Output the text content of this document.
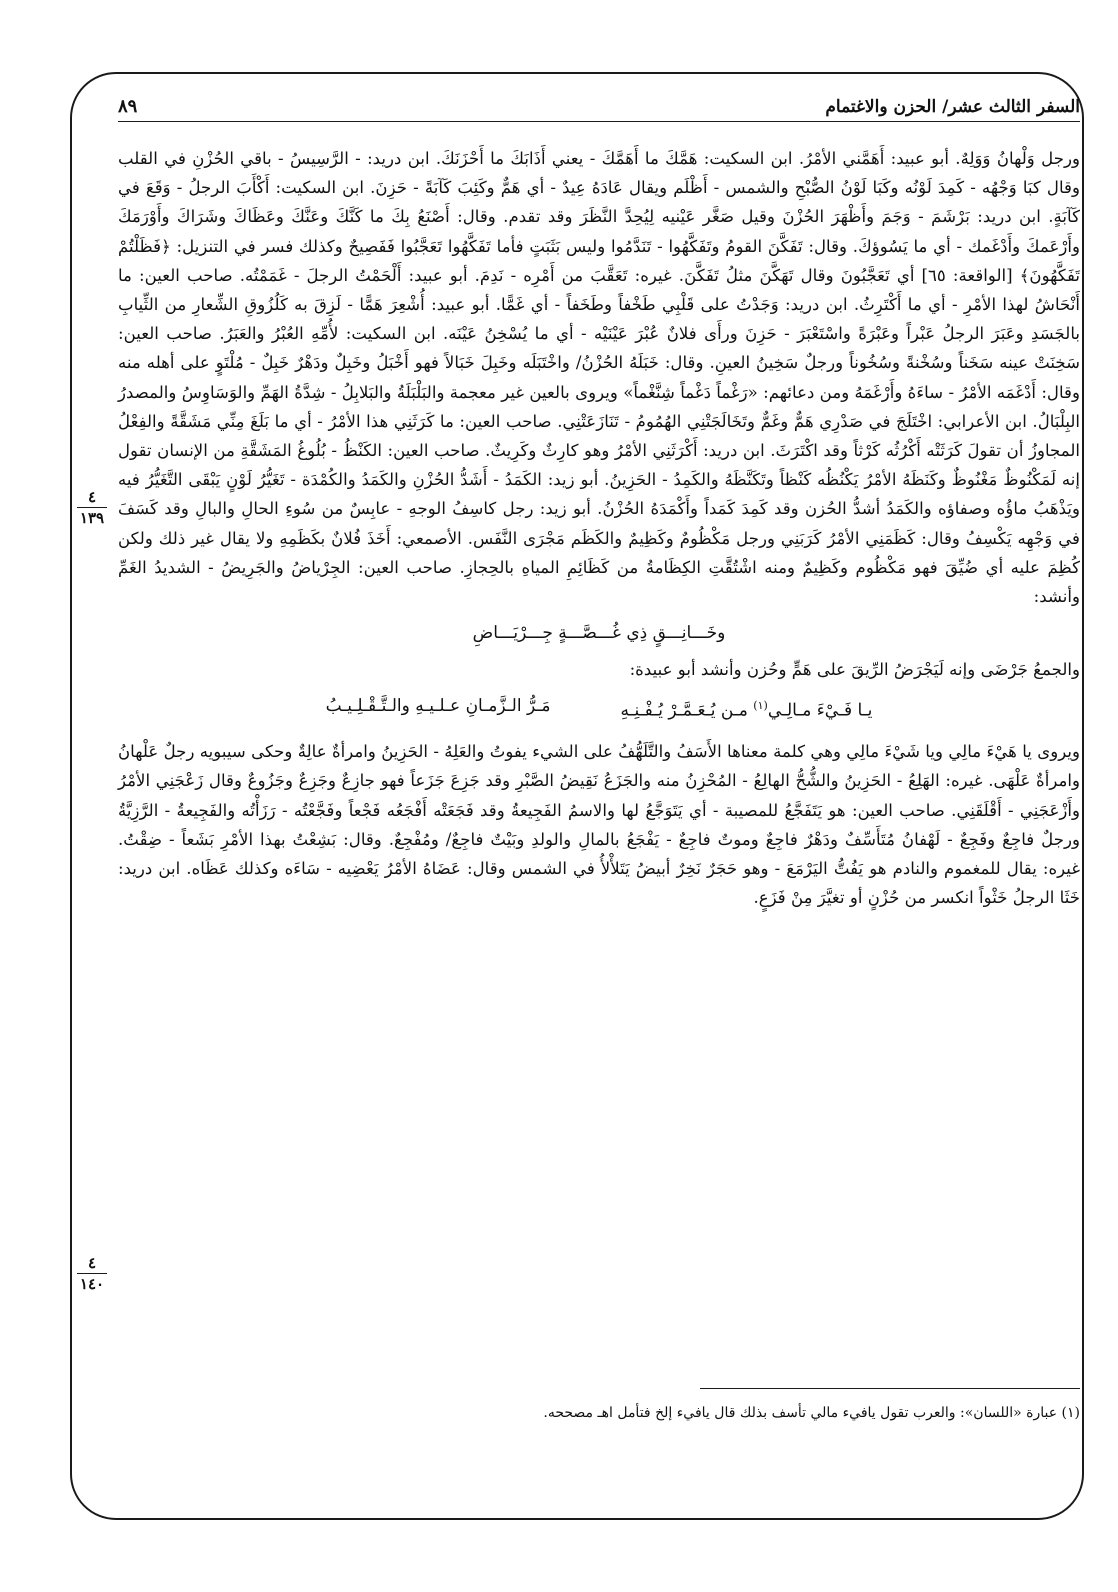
السفر الثالث عشر/ الحزن والاغتمام
٨٩
٤
١٣٩
٤
١٤٠

ورجل وَلْهانُ وَوَلِهٌ. أبو عبيد: أَهَمَّني الأمْرُ. ابن السكيت: هَمَّكَ ما أَهَمَّكَ - يعني أَذَابَكَ ما أَحْزَنَكَ. ابن دريد: - الرَّسِيسُ - باقي الحُزْنِ في القلب وقال كبَا وَجْهُه - كَمِدَ لَوْنُه وكَبَا لَوْنُ الصُّبْحِ والشمس - أَظْلَم ويقال عَادَهُ عِيدٌ - أي هَمٌّ وكَئِبَ كَآبَةً - حَزِنَ. ابن السكيت: أَكْأَبَ الرجلُ - وَقَعَ في كَآبَةٍ. ابن دريد: بَرْشَمَ - وَجَمَ وأَظْهَرَ الحُزْنَ وقيل صَغَّر عَيْنيه لِيُحِدَّ النَّظَرَ وقد تقدم. وقال: أَصْنَعُ بِكَ ما كَنَّكَ وعَنَّكَ وعَظَاكَ وشَرَاكَ وأَوْرَمَكَ وأَرْعَمكَ وأَدْغَمك - أي ما يَسُوؤكَ. وقال: تَفَكَّنَ القومُ وتَفَكَّهُوا - تَنَدَّمُوا وليس بَثَبَتٍ فأما تَفَكَّهُوا تَعَجَّبُوا فَفَصِيحٌ وكذلك فسر في التنزيل: ﴿فَظَلْتُمْ تَفَكَّهُونَ﴾ [الواقعة: ٦٥] أي تَعَجَّبُونَ وقال تَهَكَّنَ مثلُ تَفَكَّنَ. غيره: تَعَقَّبَ من أَمْرِه - نَدِمَ. أبو عبيد: أَلْحَمْتُ الرجلَ - غَمَمْتُه. صاحب العين: ما أَنْحَاشُ لهذا الأمْرِ - أي ما أَكْتَرِثُ. ابن دريد: وَجَدْتُ على قَلْبِي طَخْفاً وطَخَفاً - أي غَمًّا. أبو عبيد: أُشْعِرَ هَمًّا - لَزِقَ به كَلُزُوقِ الشِّعارِ من الثِّيابِ بالجَسَدِ وعَبَرَ الرجلُ عَبْراً وعَبْرَةً واسْتَعْبَرَ - حَزِنَ ورأَى فلانٌ عُبْرَ عَيْنَيْه - أي ما يُسْخِنُ عَيْنَه. ابن السكيت: لأُمِّهِ العُبْرُ والعَبَرُ. صاحب العين: سَخِنَتْ عينه سَخَناً وسُخْنةً وسُخُوناً ورجلٌ سَخِينُ العينِ. وقال: خَبَلَهُ الحُزْنُ/ واخْتَبَلَه وخَبِلَ خَبَالاً فهو أَخْبَلُ وخَبِلٌ ودَهْرٌ خَبِلٌ - مُلْتَوٍ على أهله منه وقال: أَدْغَمَه الأمْرُ - ساءَهُ وأَرْغَمَهُ ومن دعائهم: «رَغْماً دَغْماً شِنَّغْماً» ويروى بالعين غير معجمة والبَلْبَلَةُ والبَلابِلُ - شِدَّةُ الهَمِّ والوَسَاوِسُ والمصدرُ البِلْبَالُ. ابن الأعرابي: اخْتَلَجَ في صَدْرِي هَمٌّ وغَمٌّ وتَخَالَجَتْنِي الهُمُومُ - تَنَازَعَتْنِي. صاحب العين: ما كَرَثَنِي هذا الأمْرُ - أي ما بَلَغَ مِنِّي مَشَقَّةً والفِعْلُ المجاوزُ أن تقولَ كَرَثَتْه أَكْرُثُه كَرْثاً وقد اكْتَرَثَ. ابن دريد: أَكْرَثَنِي الأمْرُ وهو كارِثٌ وكَرِيثٌ. صاحب العين: الكَنْظُ - بُلُوغُ المَشَقَّةِ من الإنسان تقول إنه لَمَكْنُوظٌ مَغْنُوظٌ وكَنَظَهُ الأمْرُ يَكْنُظُه كَنْظاً وتَكَنَّظَهُ والكَمِدُ - الحَزِينُ. أبو زيد: الكَمَدُ - أَشَدُّ الحُزْنِ والكَمَدُ والكُمْدَة - تَغَيُّرُ لَوْنٍ يَبْقَى التَّغَيُّرُ فيه ويَذْهَبُ ماؤُه وصفاؤه والكَمَدُ أشدُّ الحُزن وقد كَمِدَ كَمَداً وأَكْمَدَهُ الحُزْنُ. أبو زيد: رجل كاسِفُ الوجهِ - عابِسٌ من سُوءِ الحالِ والبالِ وقد كَسَفَ في وَجْهِه يَكْسِفُ وقال: كَظَمَنِي الأمْرُ كَرَبَنِي ورجل مَكْظُومٌ وكَظِيمٌ والكَظَم مَجْرَى النَّفَس. الأصمعي: أَخَذَ فُلانٌ بكَظَمِهِ ولا يقال غير ذلك ولكن كُظِمَ عليه أي ضُيِّقَ فهو مَكْظُوم وكَظِيمٌ ومنه اشْتُقَّتِ الكِظَامةُ من كَظَائِمِ المياهِ بالحِجازِ. صاحب العين: الجِرْياضُ والجَرِيضُ - الشديدُ الغَمِّ وأنشد:

وخَـــانِـــقٍ ذِي غُـــصَّـــةٍ جِـــرْيَـــاضِ

والجمعُ جَرْضَى وإنه لَيَجْرَضُ الرِّيقَ على هَمٍّ وحُزن وأنشد أبو عبيدة:

يـا فَـيْءَ مـالِـي$^{(١)}$ مـن يُـعَـمَّـرْ يُـفْـنِـهِ
مَـرُّ الـزَّمـانِ عـلـيـهِ والـتَّـقْـلِـيـبُ

ويروى يا هَيْءَ مالِي ويا شَيْءَ مالِي وهي كلمة معناها الأَسَفُ والتَّلَهُّفُ على الشيء يفوتُ والعَلِهُ - الحَزِينُ وامرأةٌ عالِةٌ وحكى سيبويه رجلٌ عَلْهانُ وامرأةٌ عَلْهَى. غيره: الهَلِعُ - الحَزِينُ والشُّحُّ الهالِعُ - المُحْزِنُ منه والجَزَعُ نَقِيضُ الصَّبْرِ وقد جَزِعَ جَزَعاً فهو جازِعٌ وجَزِعٌ وجَزُوعٌ وقال زَعْجَنِي الأمْرُ وأَزْعَجَنِي - أَقْلَقَنِي. صاحب العين: هو يَتَفَجَّعُ للمصيبة - أي يَتَوَجَّعُ لها والاسمُ الفَجِيعةُ وقد فَجَعَتْه أَفْجَعُه فَجْعاً وفَجَّعْتُه - رَزَأْتُه والفَجِيعةُ - الرَّزِيَّةُ ورجلٌ فاجِعٌ وفَجِعٌ - لَهْفانُ مُتَأَسِّفٌ ودَهْرٌ فاجِعٌ وموتٌ فاجِعٌ - يَفْجَعُ بالمالِ والولدِ وبَيْتٌ فاجِعٌ/ ومُفْجِعٌ. وقال: بَشِعْتُ بهذا الأمْرِ بَشَعاً - ضِقْتُ. غيره: يقال للمغموم والنادم هو يَفُتُّ اليَرْمَعَ - وهو حَجَرٌ نَخِرٌ أبيضُ يَتَلأْلأُ في الشمس وقال: عَضَاهُ الأمْرُ يَعْضِيه - سَاءَه وكذلك عَظَاه. ابن دريد: خَثَا الرجلُ خَثْواً انكسر من حُزْنٍ أو تغيَّرَ مِنْ فَزَعٍ.

(١) عبارة «اللسان»: والعرب تقول يافيء مالي تأسف بذلك قال يافيء إلخ فتأمل اهـ مصححه.
